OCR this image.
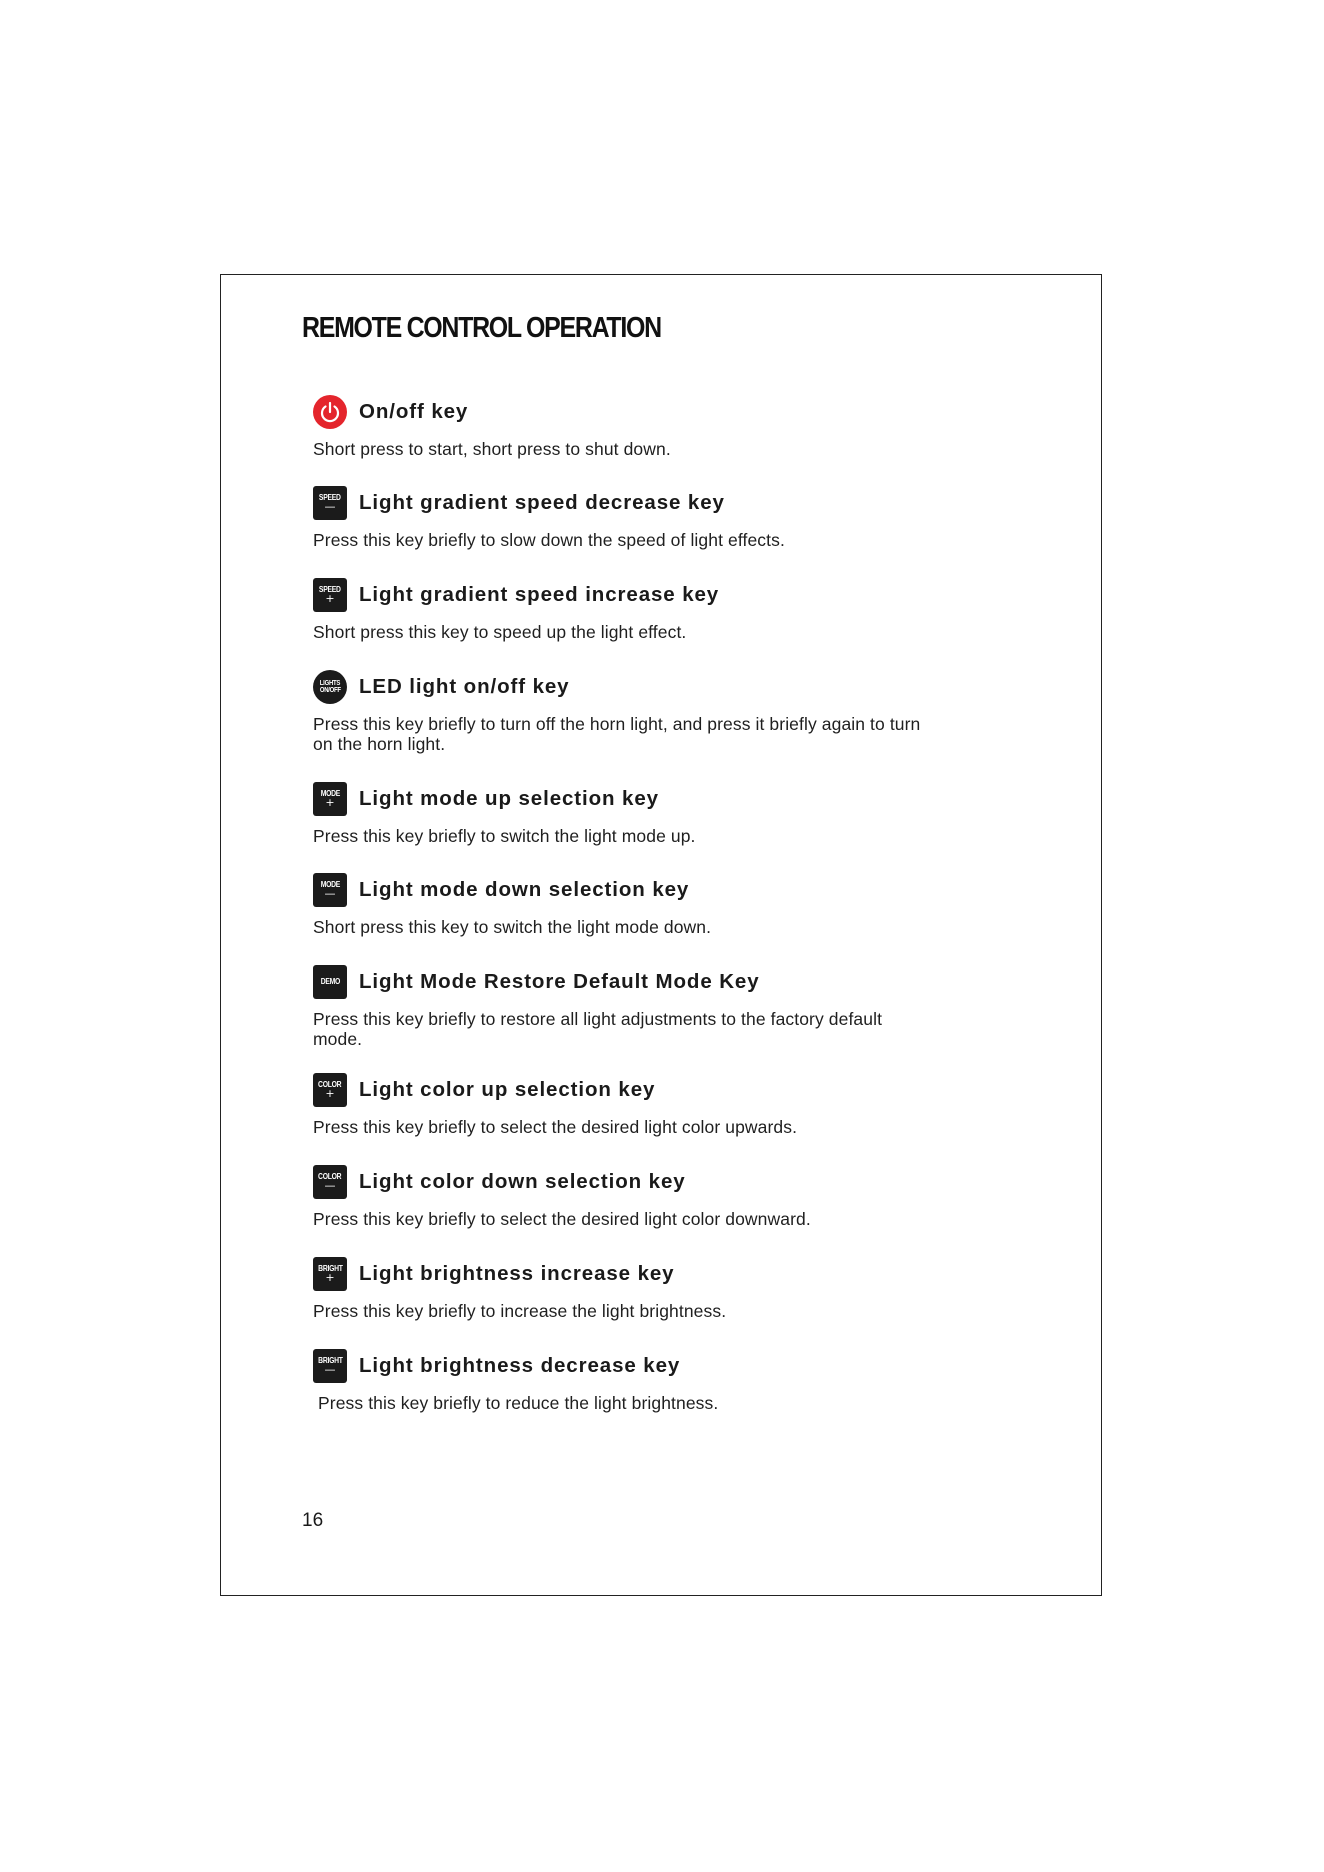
REMOTE CONTROL OPERATION
On/off key

Short press to start, short press to shut down.

SPEED
— Light gradient speed decrease key

Press this key briefly to slow down the speed of light effects.

SPEED
+ Light gradient speed increase key

Short press this key to speed up the light effect.

LIGHTS
ON/OFF LED light on/off key

Press this key briefly to turn off the horn light, and press it briefly again to turn on the horn light.

MODE
+ Light mode up selection key

Press this key briefly to switch the light mode up.

MODE
— Light mode down selection key

Short press this key to switch the light mode down.

DEMO Light Mode Restore Default Mode Key

Press this key briefly to restore all light adjustments to the factory default mode.

COLOR
+ Light color up selection key

Press this key briefly to select the desired light color upwards.

COLOR
— Light color down selection key

Press this key briefly to select the desired light color downward.

BRIGHT
+ Light brightness increase key

Press this key briefly to increase the light brightness.

BRIGHT
— Light brightness decrease key

Press this key briefly to reduce the light brightness.

16
